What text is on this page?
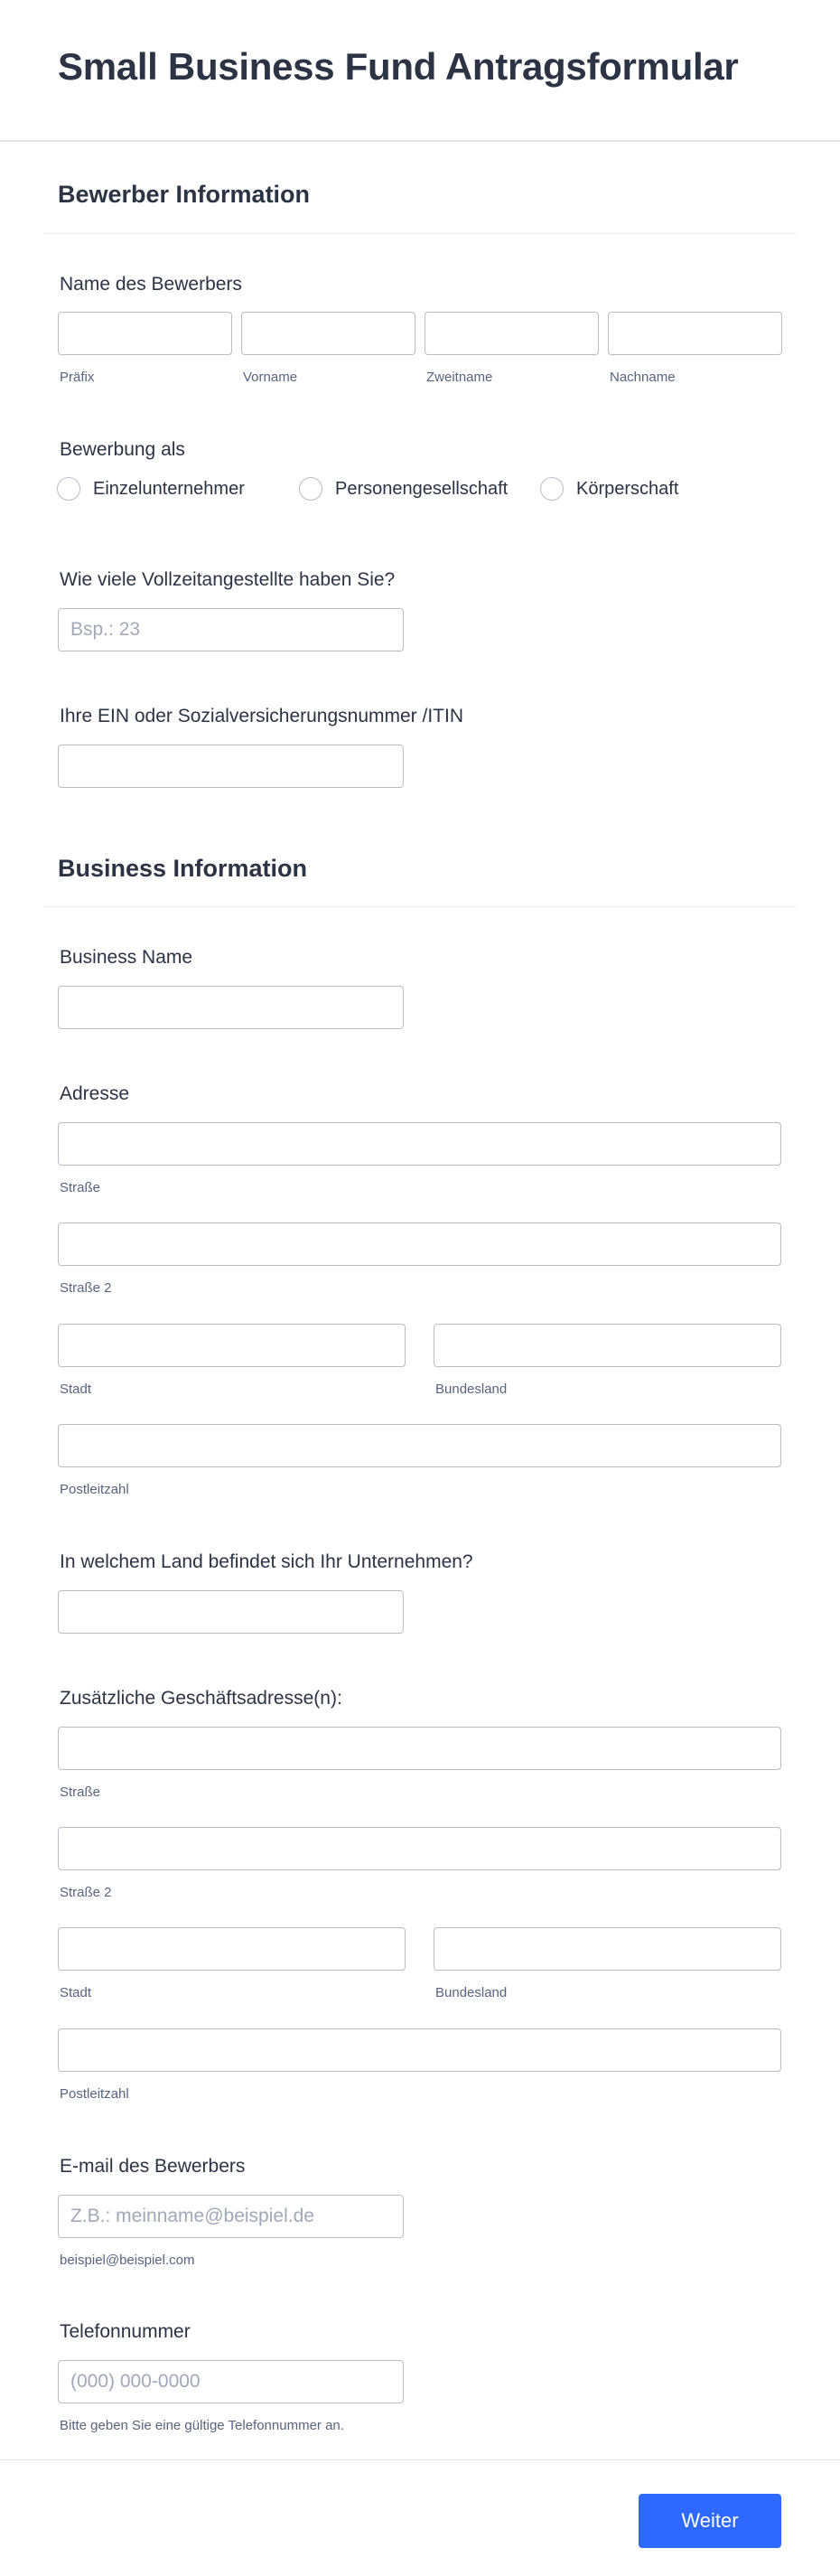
Small Business Fund Antragsformular
Bewerber Information
Name des Bewerbers
Präfix	Vorname	Zweitname	Nachname
Bewerbung als
Einzelunternehmer	Personengesellschaft	Körperschaft
Wie viele Vollzeitangestellte haben Sie?
Bsp.: 23
Ihre EIN oder Sozialversicherungsnummer /ITIN
Business Information
Business Name
Adresse
Straße
Straße 2
Stadt	Bundesland
Postleitzahl
In welchem Land befindet sich Ihr Unternehmen?
Zusätzliche Geschäftsadresse(n):
Straße
Straße 2
Stadt	Bundesland
Postleitzahl
E-mail des Bewerbers
Z.B.: meinname@beispiel.de
beispiel@beispiel.com
Telefonnummer
(000) 000-0000
Bitte geben Sie eine gültige Telefonnummer an.
Weiter
